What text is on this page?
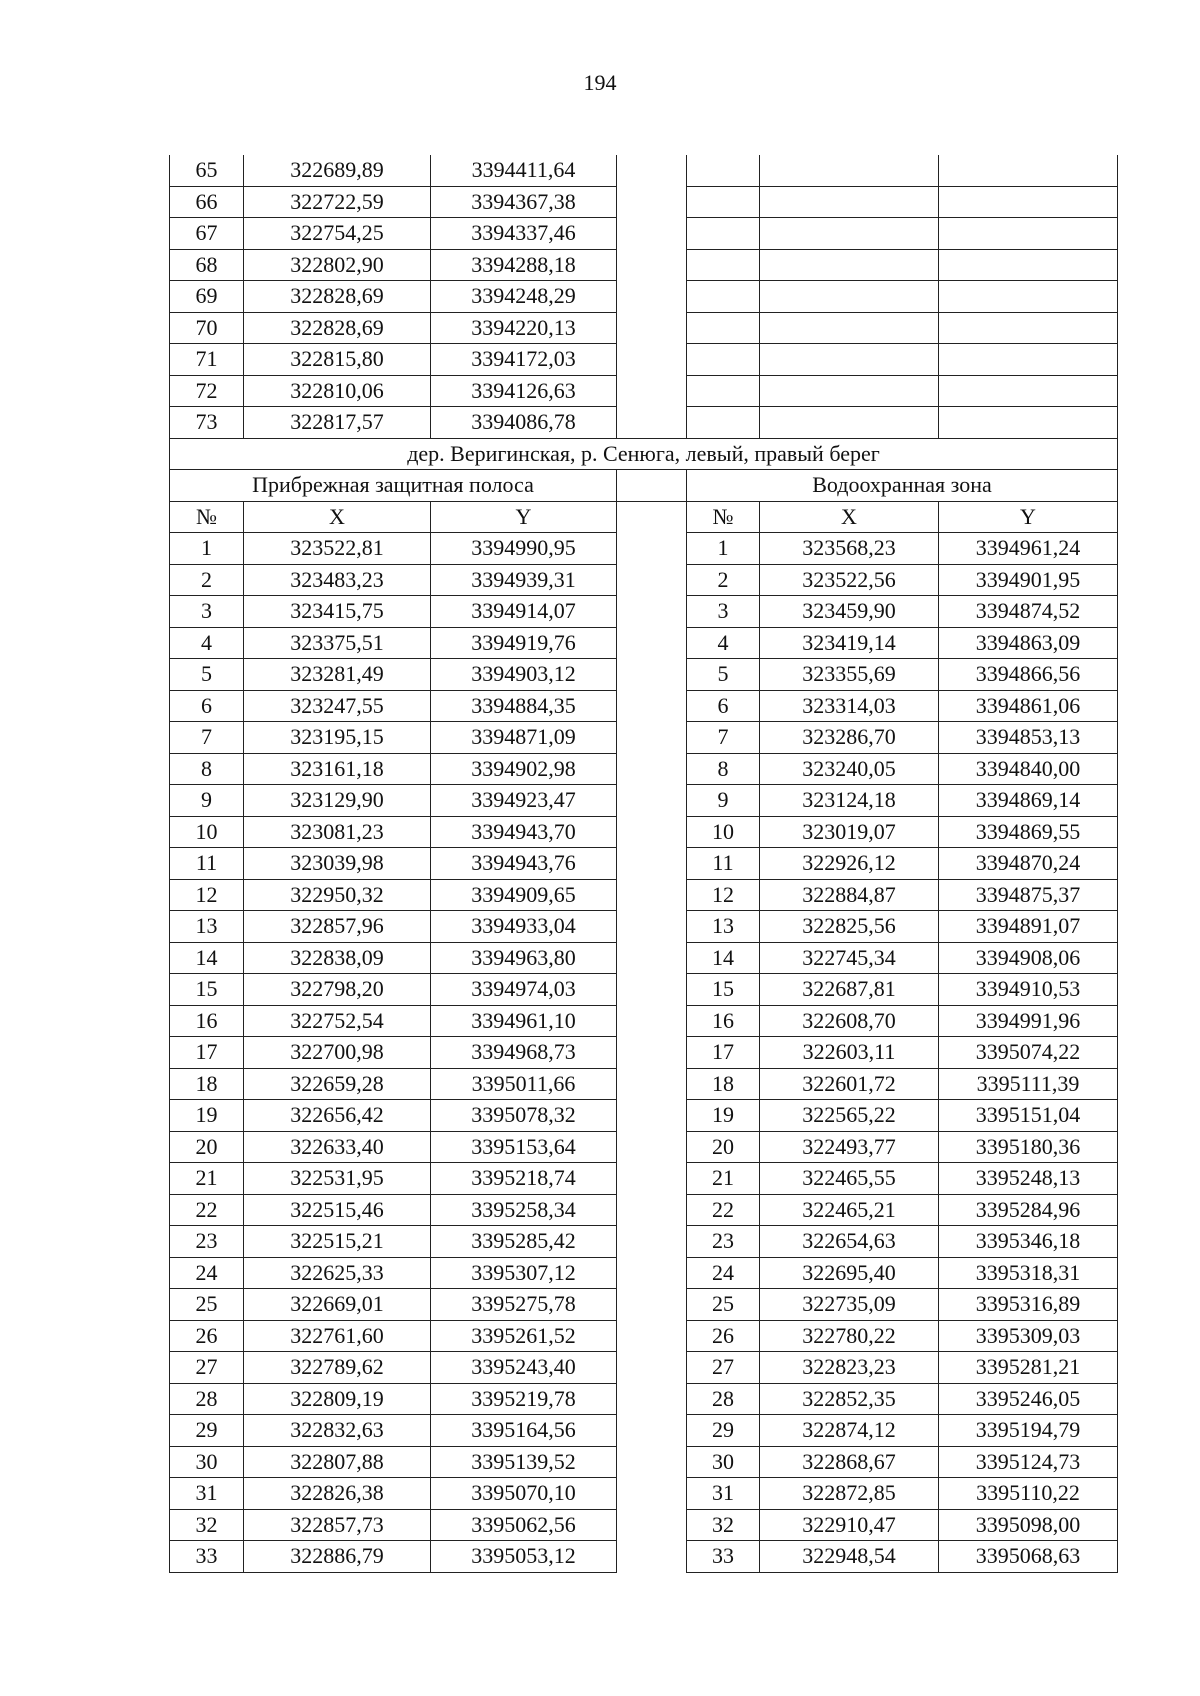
194
65	322689,89	3394411,64				
66	322722,59	3394367,38				
67	322754,25	3394337,46				
68	322802,90	3394288,18				
69	322828,69	3394248,29				
70	322828,69	3394220,13				
71	322815,80	3394172,03				
72	322810,06	3394126,63				
73	322817,57	3394086,78				
дер. Веригинская, р. Сенюга, левый, правый берег						
Прибрежная защитная полоса				Водоохранная зона		
№	X	Y		№	X	Y
1	323522,81	3394990,95		1	323568,23	3394961,24
2	323483,23	3394939,31		2	323522,56	3394901,95
3	323415,75	3394914,07		3	323459,90	3394874,52
4	323375,51	3394919,76		4	323419,14	3394863,09
5	323281,49	3394903,12		5	323355,69	3394866,56
6	323247,55	3394884,35		6	323314,03	3394861,06
7	323195,15	3394871,09		7	323286,70	3394853,13
8	323161,18	3394902,98		8	323240,05	3394840,00
9	323129,90	3394923,47		9	323124,18	3394869,14
10	323081,23	3394943,70		10	323019,07	3394869,55
11	323039,98	3394943,76		11	322926,12	3394870,24
12	322950,32	3394909,65		12	322884,87	3394875,37
13	322857,96	3394933,04		13	322825,56	3394891,07
14	322838,09	3394963,80		14	322745,34	3394908,06
15	322798,20	3394974,03		15	322687,81	3394910,53
16	322752,54	3394961,10		16	322608,70	3394991,96
17	322700,98	3394968,73		17	322603,11	3395074,22
18	322659,28	3395011,66		18	322601,72	3395111,39
19	322656,42	3395078,32		19	322565,22	3395151,04
20	322633,40	3395153,64		20	322493,77	3395180,36
21	322531,95	3395218,74		21	322465,55	3395248,13
22	322515,46	3395258,34		22	322465,21	3395284,96
23	322515,21	3395285,42		23	322654,63	3395346,18
24	322625,33	3395307,12		24	322695,40	3395318,31
25	322669,01	3395275,78		25	322735,09	3395316,89
26	322761,60	3395261,52		26	322780,22	3395309,03
27	322789,62	3395243,40		27	322823,23	3395281,21
28	322809,19	3395219,78		28	322852,35	3395246,05
29	322832,63	3395164,56		29	322874,12	3395194,79
30	322807,88	3395139,52		30	322868,67	3395124,73
31	322826,38	3395070,10		31	322872,85	3395110,22
32	322857,73	3395062,56		32	322910,47	3395098,00
33	322886,79	3395053,12		33	322948,54	3395068,63
